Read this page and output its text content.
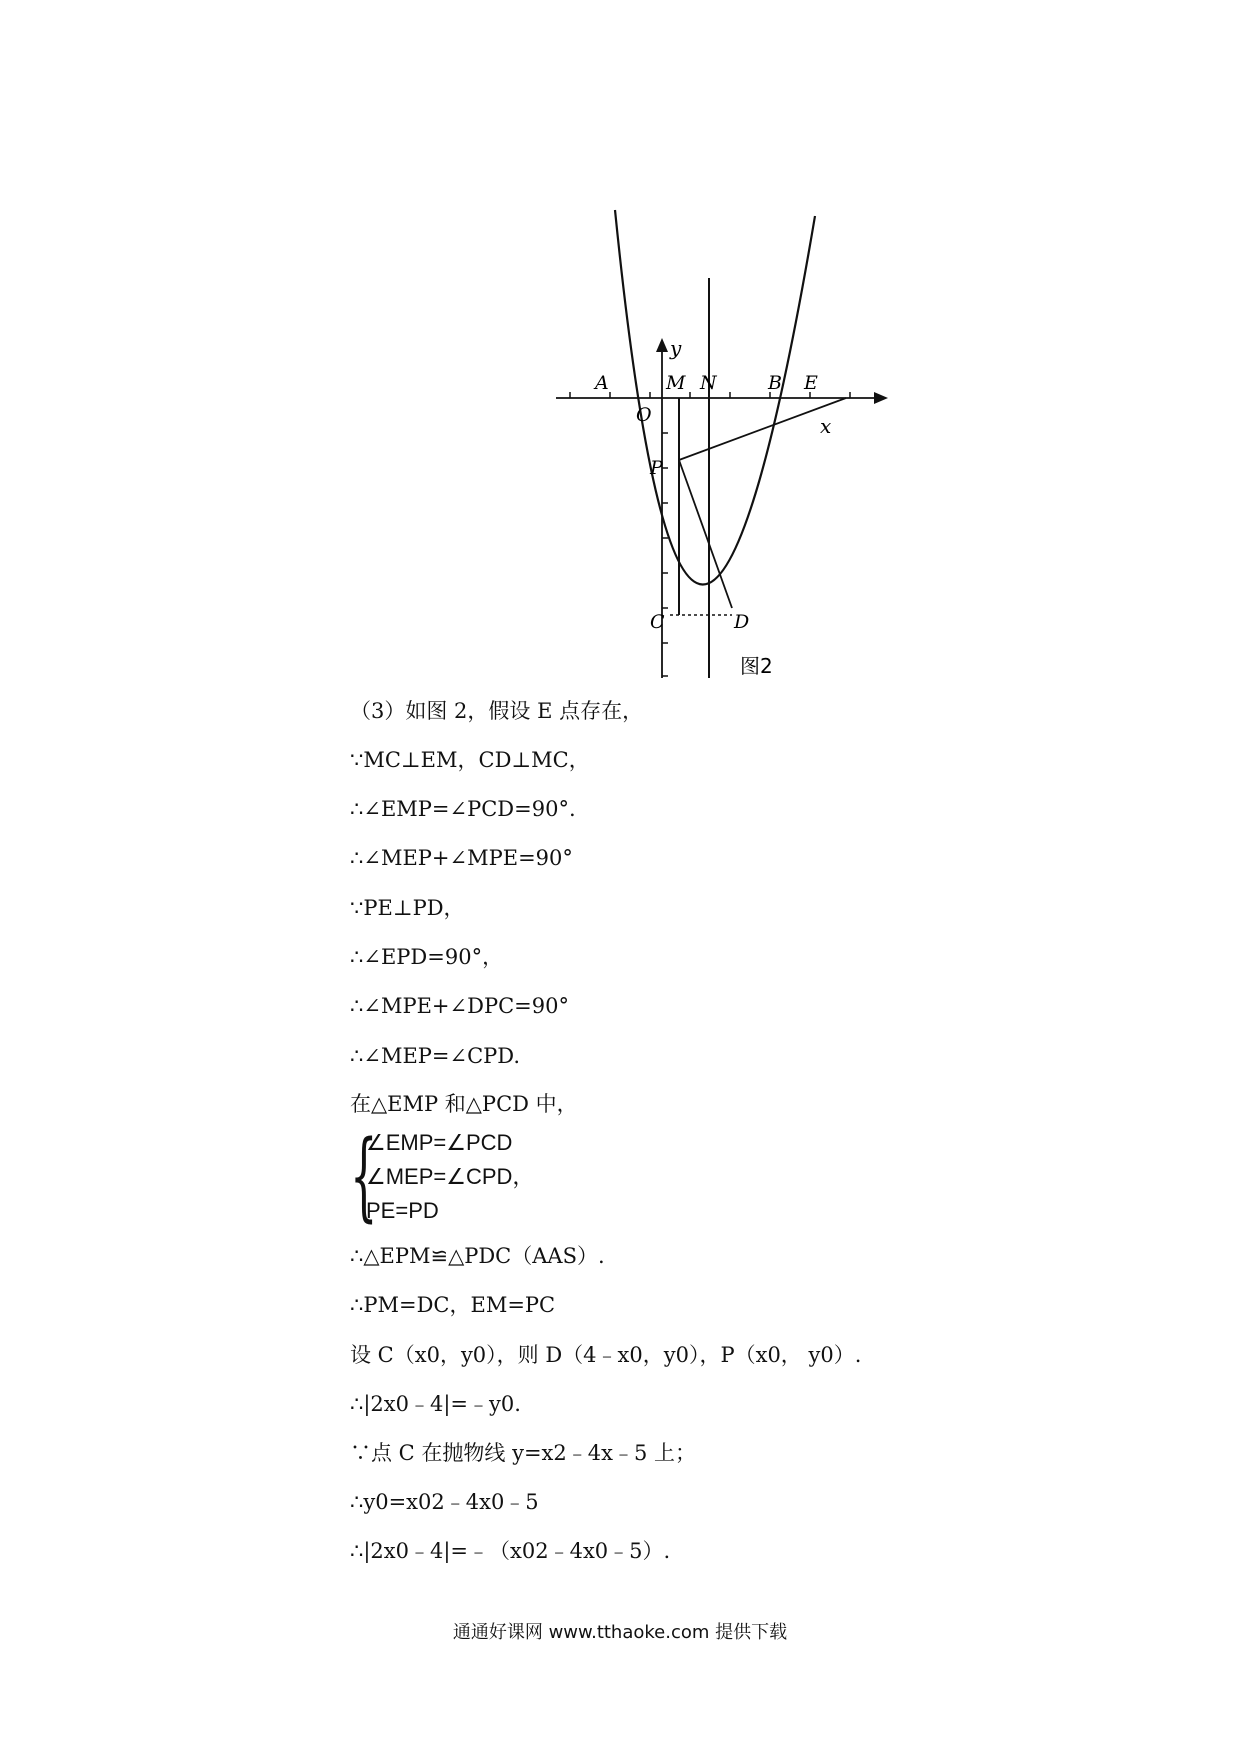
y
x
A
O
M N	B E
P
C	D
图2
（3）如图 2，假设 E 点存在，
∵MC⊥EM，CD⊥MC，
∴∠EMP=∠PCD=90°.
∴∠MEP+∠MPE=90°
∵PE⊥PD，
∴∠EPD=90°，
∴∠MPE+∠DPC=90°
∴∠MEP=∠CPD.
在△EMP 和△PCD 中，
{
∠EMP=∠PCD
∠MEP=∠CPD，
PE=PD
∴△EPM≌△PDC（AAS）.
∴PM=DC，EM=PC
设 C（x0，y0），则 D（4﹣x0，y0），P（x0， y0）.
∴|2x0﹣4|=﹣y0.
∵点 C 在抛物线 y=x2﹣4x﹣5 上；
∴y0=x02﹣4x0﹣5
∴|2x0﹣4|=﹣（x02﹣4x0﹣5）.
通通好课网 www.tthaoke.com 提供下载
